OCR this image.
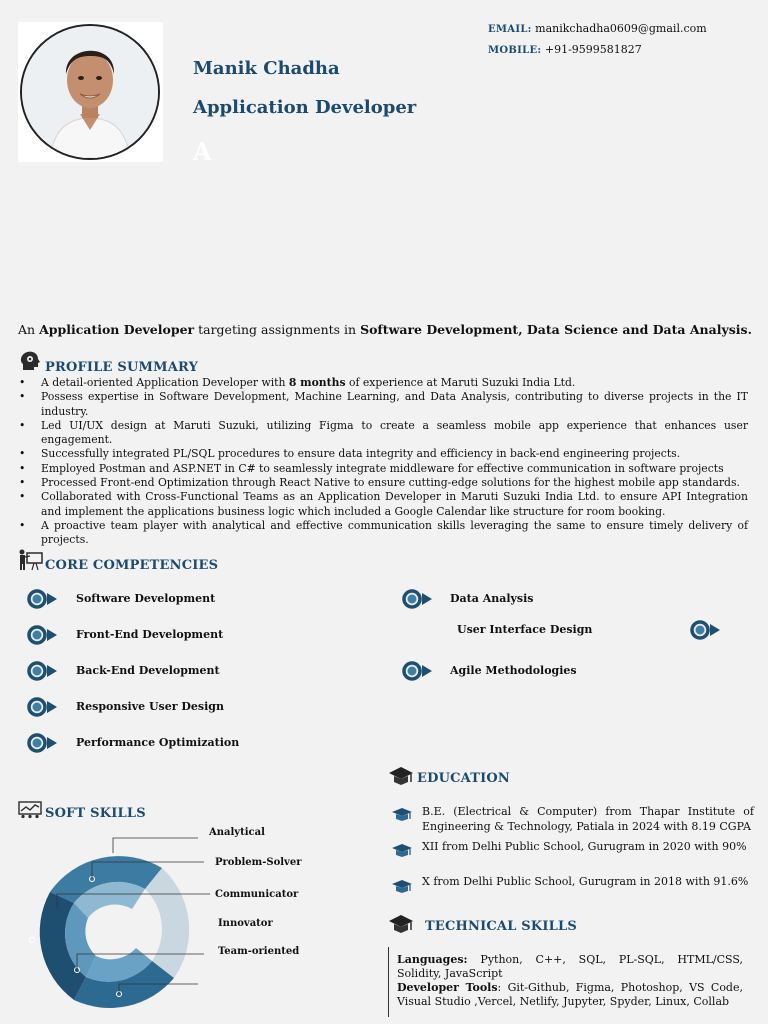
Manik Chadha
Application Developer
A
EMAIL: manikchadha0609@gmail.com
MOBILE: +91-9599581827
An Application Developer targeting assignments in Software Development, Data Science and Data Analysis.
PROFILE SUMMARY
• A detail-oriented Application Developer with 8 months of experience at Maruti Suzuki India Ltd.
• Possess expertise in Software Development, Machine Learning, and Data Analysis, contributing to diverse projects in the IT industry.
• Led UI/UX design at Maruti Suzuki, utilizing Figma to create a seamless mobile app experience that enhances user engagement.
• Successfully integrated PL/SQL procedures to ensure data integrity and efficiency in back-end engineering projects.
• Employed Postman and ASP.NET in C# to seamlessly integrate middleware for effective communication in software projects
• Processed Front-end Optimization through React Native to ensure cutting-edge solutions for the highest mobile app standards.
• Collaborated with Cross-Functional Teams as an Application Developer in Maruti Suzuki India Ltd. to ensure API Integration and implement the applications business logic which included a Google Calendar like structure for room booking.
• A proactive team player with analytical and effective communication skills leveraging the same to ensure timely delivery of projects.
CORE COMPETENCIES
Software Development
Front-End Development
Back-End Development
Responsive User Design
Performance Optimization
Data Analysis
User Interface Design
Agile Methodologies
EDUCATION
B.E. (Electrical & Computer) from Thapar Institute of Engineering & Technology, Patiala in 2024 with 8.19 CGPA
XII from Delhi Public School, Gurugram in 2020 with 90%
X from Delhi Public School, Gurugram in 2018 with 91.6%
TECHNICAL SKILLS
Languages: Python, C++, SQL, PL-SQL, HTML/CSS, Solidity, JavaScript
Developer Tools: Git-Github, Figma, Photoshop, VS Code, Visual Studio ,Vercel, Netlify, Jupyter, Spyder, Linux, Collab
SOFT SKILLS
Analytical
Problem-Solver
Communicator
Innovator
Team-oriented
